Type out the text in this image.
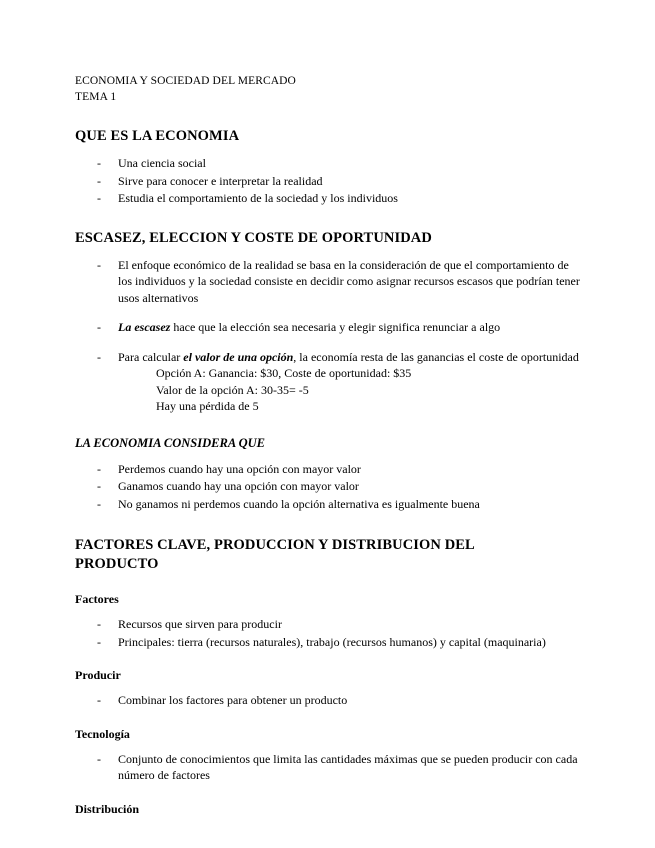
ECONOMIA Y SOCIEDAD DEL MERCADO
TEMA 1
QUE ES LA ECONOMIA
- Una ciencia social
- Sirve para conocer e interpretar la realidad
- Estudia el comportamiento de la sociedad y los individuos
ESCASEZ, ELECCION Y COSTE DE OPORTUNIDAD
- El enfoque económico de la realidad se basa en la consideración de que el comportamiento de los individuos y la sociedad consiste en decidir como asignar recursos escasos que podrían tener usos alternativos
- La escasez hace que la elección sea necesaria y elegir significa renunciar a algo
- Para calcular el valor de una opción, la economía resta de las ganancias el coste de oportunidad
Opción A: Ganancia: $30, Coste de oportunidad: $35
Valor de la opción A: 30-35= -5
Hay una pérdida de 5
LA ECONOMIA CONSIDERA QUE
- Perdemos cuando hay una opción con mayor valor
- Ganamos cuando hay una opción con mayor valor
- No ganamos ni perdemos cuando la opción alternativa es igualmente buena
FACTORES CLAVE, PRODUCCION Y DISTRIBUCION DEL
PRODUCTO
Factores
- Recursos que sirven para producir
- Principales: tierra (recursos naturales), trabajo (recursos humanos) y capital (maquinaria)
Producir
- Combinar los factores para obtener un producto
Tecnología
- Conjunto de conocimientos que limita las cantidades máximas que se pueden producir con cada número de factores
Distribución
